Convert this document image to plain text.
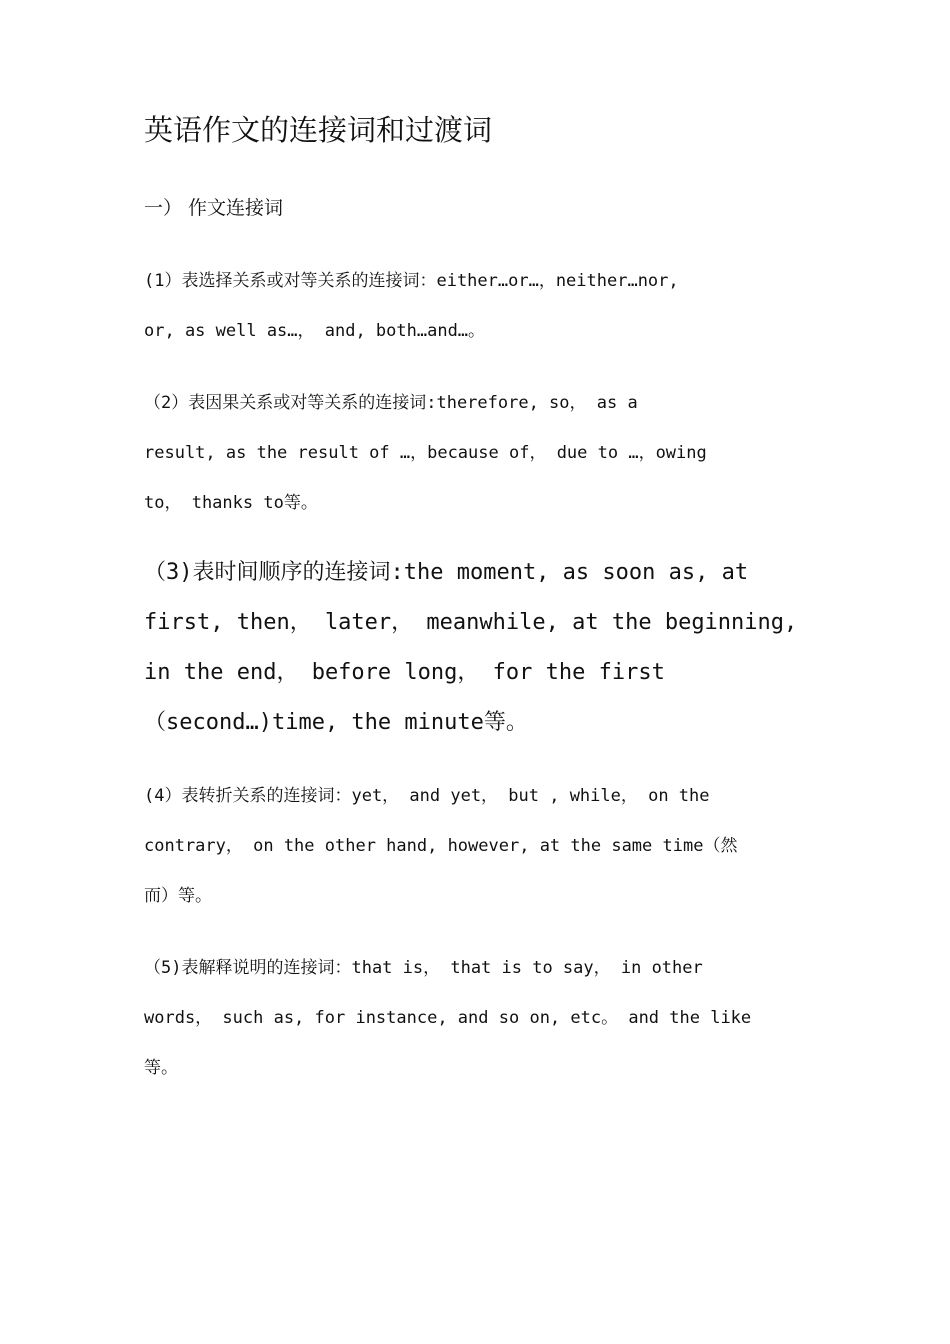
英语作文的连接词和过渡词
一） 作文连接词

(1）表选择关系或对等关系的连接词：either…or…，neither…nor,
or, as well as…， and, both…and…。

（2）表因果关系或对等关系的连接词:therefore, so， as a
result, as the result of …，because of， due to …，owing
to， thanks to等。

（3)表时间顺序的连接词:the moment, as soon as, at
first, then， later， meanwhile, at the beginning,
in the end， before long， for the first
（second…)time, the minute等。

(4）表转折关系的连接词：yet， and yet， but , while， on the
contrary， on the other hand, however, at the same time（然
而）等。

（5)表解释说明的连接词：that is， that is to say， in other
words， such as, for instance, and so on, etc。 and the like
等。
